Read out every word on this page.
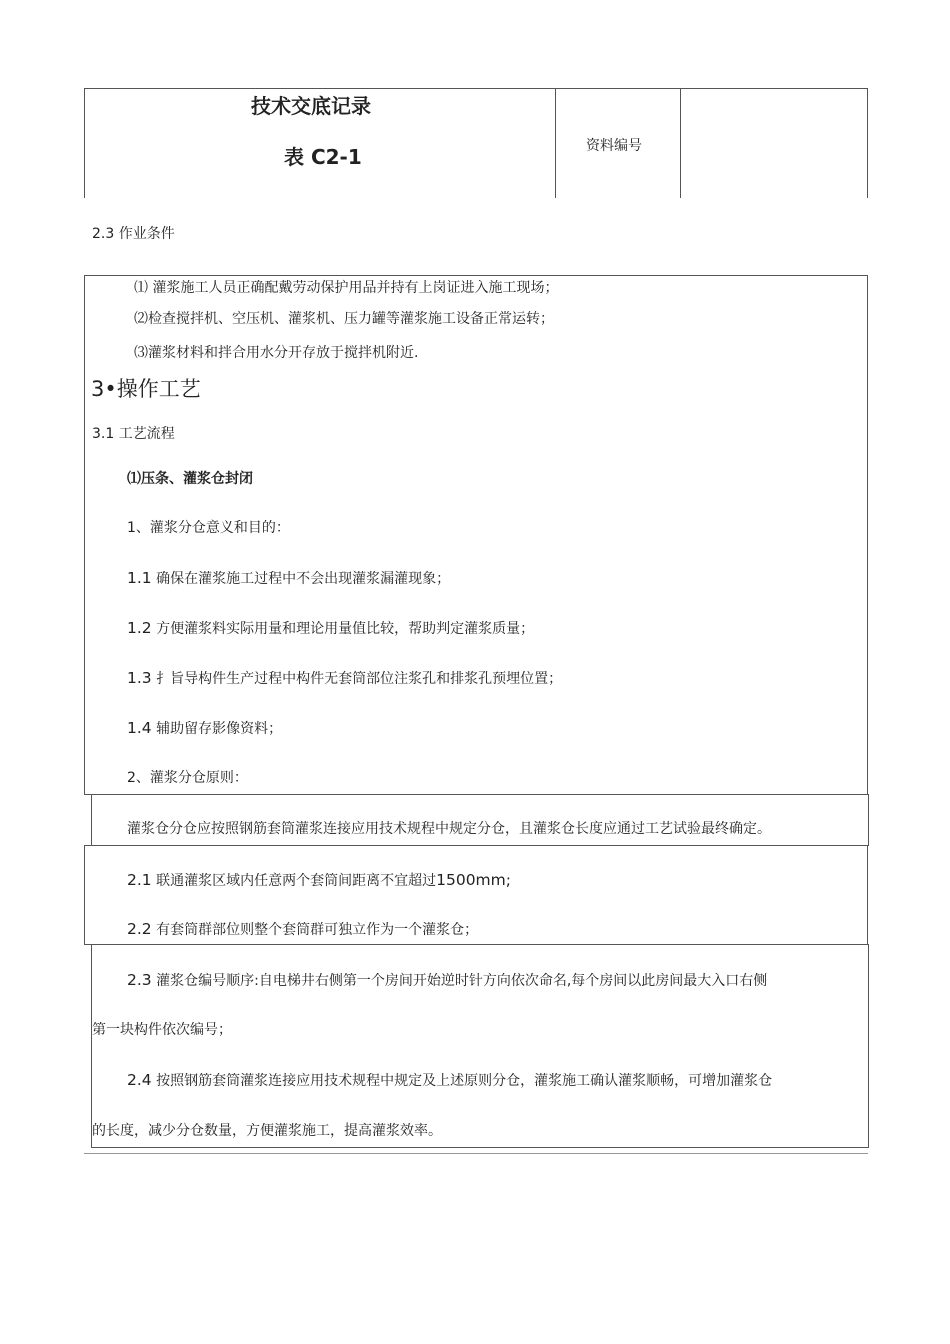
技术交底记录
表 C2-1	资料编号
2.3 作业条件
⑴ 灌浆施工人员正确配戴劳动保护用品并持有上岗证进入施工现场；
⑵检查搅拌机、空压机、灌浆机、压力罐等灌浆施工设备正常运转；
⑶灌浆材料和拌合用水分开存放于搅拌机附近.
3•操作工艺
3.1 工艺流程
⑴压条、灌浆仓封闭
1、灌浆分仓意义和目的：
1.1 确保在灌浆施工过程中不会出现灌浆漏灌现象；
1.2 方便灌浆料实际用量和理论用量值比较，帮助判定灌浆质量；
1.3 扌旨导构件生产过程中构件无套筒部位注浆孔和排浆孔预埋位置；
1.4 辅助留存影像资料；
2、灌浆分仓原则：
灌浆仓分仓应按照钢筋套筒灌浆连接应用技术规程中规定分仓，且灌浆仓长度应通过工艺试验最终确定。
2.1 联通灌浆区域内任意两个套筒间距离不宜超过1500mm;
2.2 有套筒群部位则整个套筒群可独立作为一个灌浆仓；
2.3 灌浆仓编号顺序:自电梯井右侧第一个房间开始逆时针方向依次命名,每个房间以此房间最大入口右侧
第一块构件依次编号；
2.4 按照钢筋套筒灌浆连接应用技术规程中规定及上述原则分仓，灌浆施工确认灌浆顺畅，可增加灌浆仓
的长度，减少分仓数量，方便灌浆施工，提高灌浆效率。
